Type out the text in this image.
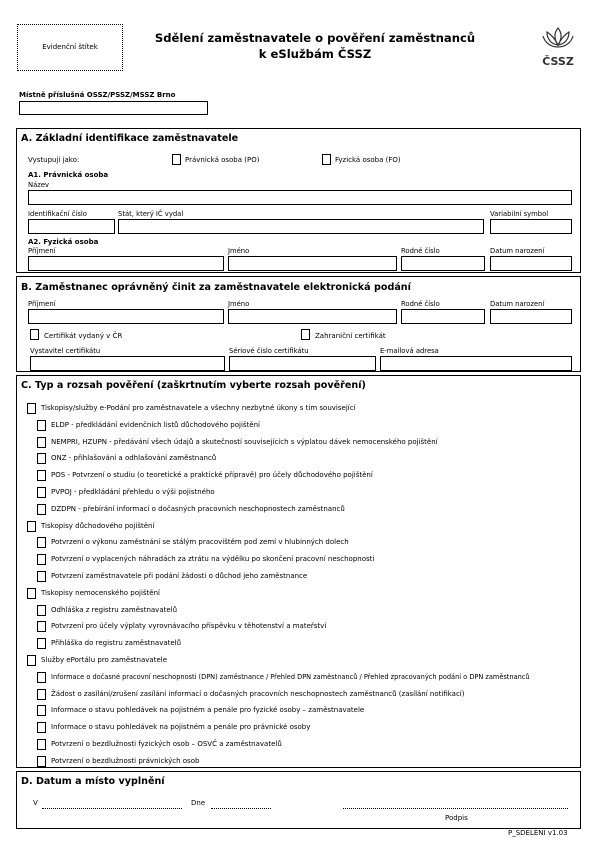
Evidenční štítek
Sdělení zaměstnavatele o pověření zaměstnanců
k eSlužbám ČSSZ
ČSSZ
Místně příslušná OSSZ/PSSZ/MSSZ Brno
A. Základní identifikace zaměstnavatele
Vystupuji jako:	Právnická osoba (PO)	Fyzická osoba (FO)
A1. Právnická osoba
Název
Identifikační číslo	Stát, který IČ vydal	Variabilní symbol
A2. Fyzická osoba
Příjmení	Jméno	Rodné číslo	Datum narození
B. Zaměstnanec oprávněný činit za zaměstnavatele elektronická podání
Příjmení	Jméno	Rodné číslo	Datum narození
Certifikát vydaný v ČR	Zahraniční certifikát
Vystavitel certifikátu	Sériové číslo certifikátu	E-mailová adresa
C. Typ a rozsah pověření (zaškrtnutím vyberte rozsah pověření)
Tiskopisy/služby e-Podání pro zaměstnavatele a všechny nezbytné úkony s tím související
ELDP - předkládání evidenčních listů důchodového pojištění
NEMPRI, HZUPN - předávání všech údajů a skutečností souvisejících s výplatou dávek nemocenského pojištění
ONZ - přihlašování a odhlašování zaměstnanců
POS - Potvrzení o studiu (o teoretické a praktické přípravě) pro účely důchodového pojištění
PVPOJ - předkládání přehledu o výši pojistného
DZDPN - přebírání informací o dočasných pracovních neschopnostech zaměstnanců
Tiskopisy důchodového pojištění
Potvrzení o výkonu zaměstnání se stálým pracovištěm pod zemí v hlubinných dolech
Potvrzení o vyplacených náhradách za ztrátu na výdělku po skončení pracovní neschopnosti
Potvrzení zaměstnavatele při podání žádosti o důchod jeho zaměstnance
Tiskopisy nemocenského pojištění
Odhláška z registru zaměstnavatelů
Potvrzení pro účely výplaty vyrovnávacího příspěvku v těhotenství a mateřství
Přihláška do registru zaměstnavatelů
Služby ePortálu pro zaměstnavatele
Informace o dočasné pracovní neschopnosti (DPN) zaměstnance / Přehled DPN zaměstnanců / Přehled zpracovaných podání o DPN zaměstnanců
Žádost o zasílání/zrušení zasílání informací o dočasných pracovních neschopnostech zaměstnanců (zasílání notifikací)
Informace o stavu pohledávek na pojistném a penále pro fyzické osoby – zaměstnavatele
Informace o stavu pohledávek na pojistném a penále pro právnické osoby
Potvrzení o bezdlužnosti fyzických osob – OSVČ a zaměstnavatelů
Potvrzení o bezdlužnosti právnických osob
D. Datum a místo vyplnění
V	Dne
Podpis
P_SDELENI v1.03
